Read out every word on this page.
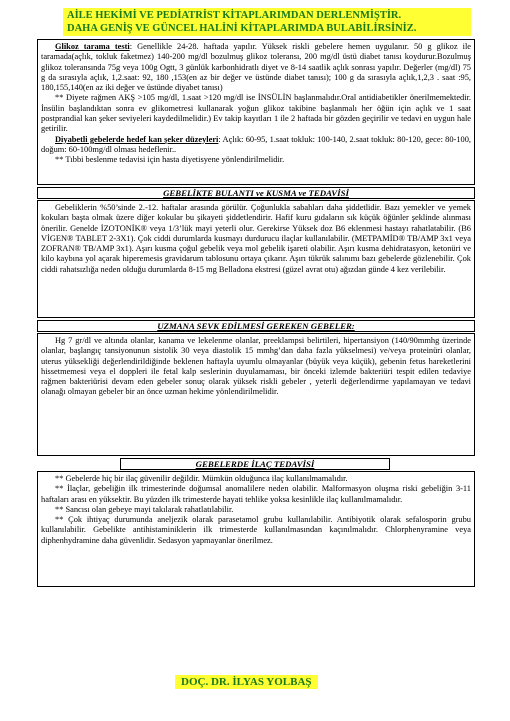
AİLE HEKİMİ VE PEDİATRİST KİTAPLARIMDAN DERLENMİŞTİR.
DAHA GENİŞ VE GÜNCEL HALİNİ KİTAPLARIMDA BULABİLİRSİNİZ.

Glikoz tarama testi: Genellikle 24-28. haftada yapılır. Yüksek riskli gebelere hemen uygulanır. 50 g glikoz ile taramada(açlık, tokluk faketmez) 140-200 mg/dl bozulmuş glikoz toleransı, 200 mg/dl üstü diabet tanısı koydurur.Bozulmuş glikoz toleransında 75g veya 100g Ogtt, 3 günlük karbonhidratlı diyet ve 8-14 saatlik açlık sonrası yapılır. Değerler (mg/dl) 75 g da sırasıyla açlık, 1,2.saat: 92, 180 ,153(en az bir değer ve üstünde diabet tanısı); 100 g da sırasıyla açlık,1,2,3 . saat :95, 180,155,140(en az iki değer ve üstünde diyabet tanısı)

** Diyete rağmen AKŞ >105 mg/dl, 1.saat >120 mg/dl ise İNSÜLİN başlanmalıdır.Oral antidiabetikler önerilmemektedir. İnsülin başlandıktan sonra ev glikometresi kullanarak yoğun glikoz takibine başlanmalı her öğün için açlık ve 1 saat postprandial kan şeker seviyeleri kaydedilmelidir.) Ev takip kayıtları 1 ile 2 haftada bir gözden geçirilir ve tedavi en uygun hale getirilir.

Diyabetli gebelerde hedef kan şeker düzeyleri: Açlık: 60-95, 1.saat tokluk: 100-140, 2.saat tokluk: 80-120, gece: 80-100, doğum: 60-100mg/dl olması hedeflenir..

** Tıbbi beslenme tedavisi için hasta diyetisyene yönlendirilmelidir.

GEBELİKTE BULANTI ve KUSMA ve TEDAVİSİ

Gebeliklerin %50’sinde 2.-12. haftalar arasında görülür. Çoğunlukla sabahları daha şiddetlidir. Bazı yemekler ve yemek kokuları başta olmak üzere diğer kokular bu şikayeti şiddetlendirir. Hafif kuru gıdaların sık küçük öğünler şeklinde alınması önerilir. Genelde İZOTONİK® veya 1/3’lük mayi yeterli olur. Gerekirse Yüksek doz B6 eklenmesi hastayı rahatlatabilir. (B6 VİGEN® TABLET 2-3X1). Çok ciddi durumlarda kusmayı durdurucu ilaçlar kullanılabilir. (METPAMİD® TB/AMP 3x1 veya ZOFRAN® TB/AMP 3x1). Aşırı kusma çoğul gebelik veya mol gebelik işareti olabilir. Aşırı kusma dehidratasyon, ketonüri ve kilo kaybına yol açarak hiperemesis gravidarum tablosunu ortaya çıkarır. Aşırı tükrük salınımı bazı gebelerde gözlenebilir. Çok ciddi rahatsızlığa neden olduğu durumlarda 8-15 mg Belladona ekstresi (güzel avrat otu) ağızdan günde 4 kez verilebilir.

UZMANA SEVK EDİLMESİ GEREKEN GEBELER:

Hg 7 gr/dl ve altında olanlar, kanama ve lekelenme olanlar, preeklampsi belirtileri, hipertansiyon (140/90mmhg üzerinde olanlar, başlangıç tansiyonunun sistolik 30 veya diastolik 15 mmhg’dan daha fazla yükselmesi) ve/veya proteinüri olanlar, uterus yüksekliği değerlendirildiğinde beklenen haftayla uyumlu olmayanlar (büyük veya küçük), gebenin fetus hareketlerini hissetmemesi veya el doppleri ile fetal kalp seslerinin duyulamaması, bir önceki izlemde bakteriüri tespit edilen tedaviye rağmen bakteriürisi devam eden gebeler sonuç olarak yüksek riskli gebeler , yeterli değerlendirme yapılamayan ve tedavi olanağı olmayan gebeler bir an önce uzman hekime yönlendirilmelidir.

GEBELERDE İLAÇ TEDAVİSİ

** Gebelerde hiç bir ilaç güvenilir değildir. Mümkün olduğunca ilaç kullanılmamalıdır.

** İlaçlar, gebeliğin ilk trimesterinde doğumsal anomalilere neden olabilir. Malformasyon oluşma riski gebeliğin 3-11 haftaları arası en yüksektir. Bu yüzden ilk trimesterde hayati tehlike yoksa kesinlikle ilaç kullanılmamalıdır.

** Sancısı olan gebeye mayi takılarak rahatlatılabilir.

** Çok ihtiyaç durumunda aneljezik olarak parasetamol grubu kullanılabilir. Antibiyotik olarak sefalosporin grubu kullanılabilir. Gebelikte antihistaminiklerin ilk trimesterde kullanılmasından kaçınılmalıdır. Chlorphenyramine veya diphenhydramine daha güvenlidir. Sedasyon yapmayanlar önerilmez.

DOÇ. DR. İLYAS YOLBAŞ
